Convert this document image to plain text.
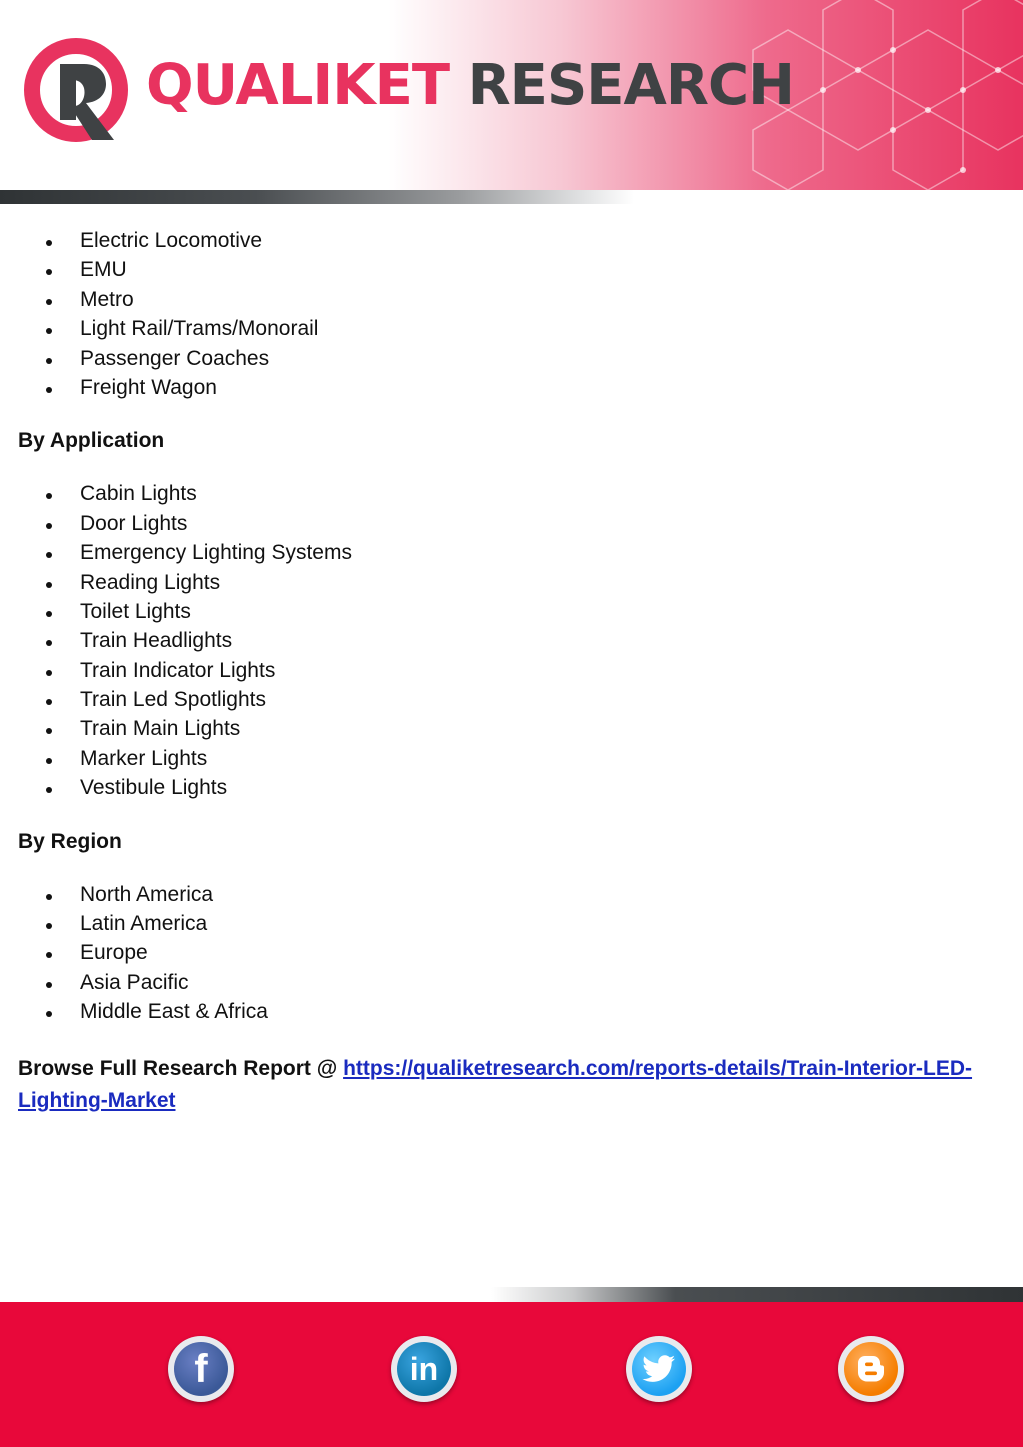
QUALIKET RESEARCH
Electric Locomotive
EMU
Metro
Light Rail/Trams/Monorail
Passenger Coaches
Freight Wagon
By Application
Cabin Lights
Door Lights
Emergency Lighting Systems
Reading Lights
Toilet Lights
Train Headlights
Train Indicator Lights
Train Led Spotlights
Train Main Lights
Marker Lights
Vestibule Lights
By Region
North America
Latin America
Europe
Asia Pacific
Middle East & Africa
Browse Full Research Report @ https://qualiketresearch.com/reports-details/Train-Interior-LED-
Lighting-Market
f	in
